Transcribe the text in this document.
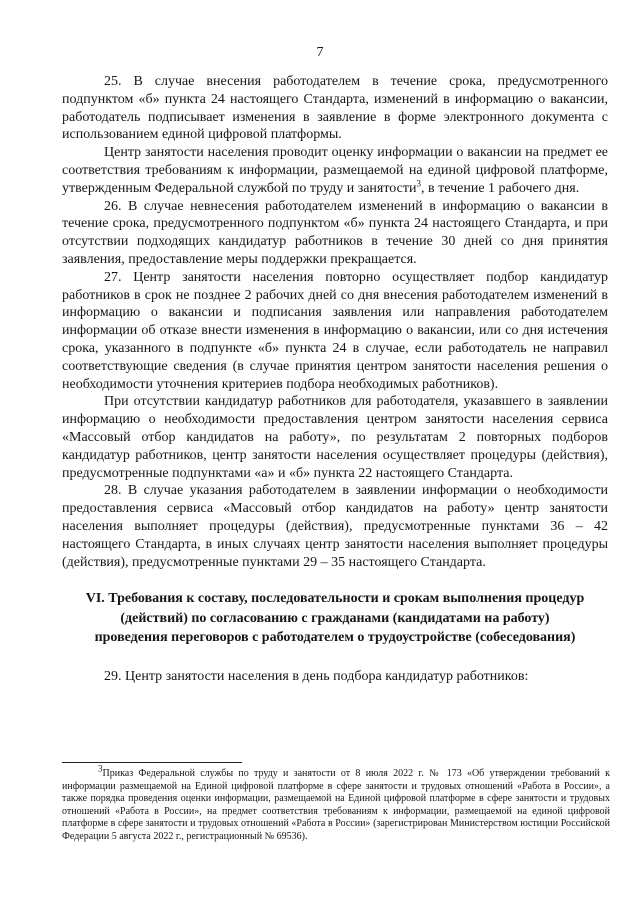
7

25. В случае внесения работодателем в течение срока, предусмотренного подпунктом «б» пункта 24 настоящего Стандарта, изменений в информацию о вакансии, работодатель подписывает изменения в заявление в форме электронного документа с использованием единой цифровой платформы.

Центр занятости населения проводит оценку информации о вакансии на предмет ее соответствия требованиям к информации, размещаемой на единой цифровой платформе, утвержденным Федеральной службой по труду и занятости$^3$, в течение 1 рабочего дня.

26. В случае невнесения работодателем изменений в информацию о вакансии в течение срока, предусмотренного подпунктом «б» пункта 24 настоящего Стандарта, и при отсутствии подходящих кандидатур работников в течение 30 дней со дня принятия заявления, предоставление меры поддержки прекращается.

27. Центр занятости населения повторно осуществляет подбор кандидатур работников в срок не позднее 2 рабочих дней со дня внесения работодателем изменений в информацию о вакансии и подписания заявления или направления работодателем информации об отказе внести изменения в информацию о вакансии, или со дня истечения срока, указанного в подпункте «б» пункта 24 в случае, если работодатель не направил соответствующие сведения (в случае принятия центром занятости населения решения о необходимости уточнения критериев подбора необходимых работников).

При отсутствии кандидатур работников для работодателя, указавшего в заявлении информацию о необходимости предоставления центром занятости населения сервиса «Массовый отбор кандидатов на работу», по результатам 2 повторных подборов кандидатур работников, центр занятости населения осуществляет процедуры (действия), предусмотренные подпунктами «а» и «б» пункта 22 настоящего Стандарта.

28. В случае указания работодателем в заявлении информации о необходимости предоставления сервиса «Массовый отбор кандидатов на работу» центр занятости населения выполняет процедуры (действия), предусмотренные пунктами 36 – 42 настоящего Стандарта, в иных случаях центр занятости населения выполняет процедуры (действия), предусмотренные пунктами 29 – 35 настоящего Стандарта.

VI. Требования к составу, последовательности и срокам выполнения процедур (действий) по согласованию с гражданами (кандидатами на работу) проведения переговоров с работодателем о трудоустройстве (собеседования)

29. Центр занятости населения в день подбора кандидатур работников:

$^3$Приказ Федеральной службы по труду и занятости от 8 июля 2022 г. № 173 «Об утверждении требований к информации размещаемой на Единой цифровой платформе в сфере занятости и трудовых отношений «Работа в России», а также порядка проведения оценки информации, размещаемой на Единой цифровой платформе в сфере занятости и трудовых отношений «Работа в России», на предмет соответствия требованиям к информации, размещаемой на единой цифровой платформе в сфере занятости и трудовых отношений «Работа в России» (зарегистрирован Министерством юстиции Российской Федерации 5 августа 2022 г., регистрационный № 69536).
